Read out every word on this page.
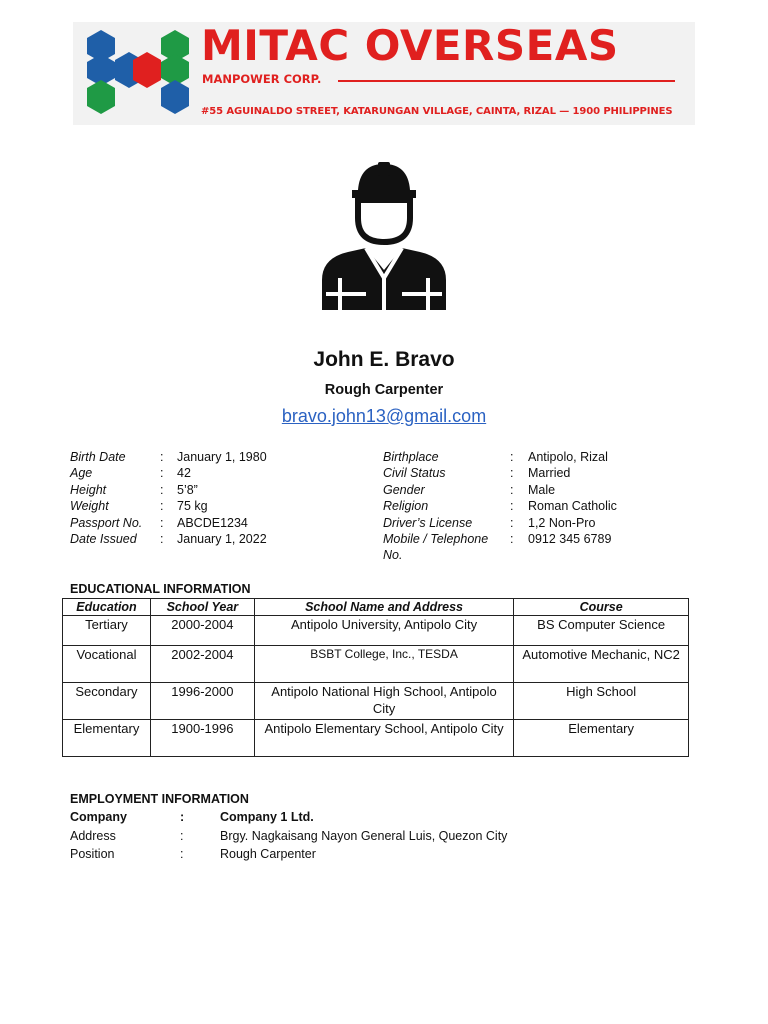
MITAC OVERSEAS
MANPOWER CORP.
#55 AGUINALDO STREET, KATARUNGAN VILLAGE, CAINTA, RIZAL — 1900 PHILIPPINES
John E. Bravo
Rough Carpenter
bravo.john13@gmail.com
Birth Date	: January 1, 1980
Age	: 42
Height	: 5’8”
Weight	: 75 kg
Passport No. : ABCDE1234
Date Issued : January 1, 2022
Birthplace	: Antipolo, Rizal
Civil Status	: Married
Gender	: Male
Religion	: Roman Catholic
Driver’s License	: 1,2 Non-Pro
Mobile / Telephone No.
: 0912 345 6789
EDUCATIONAL INFORMATION
Education	School Year	School Name and Address	Course
Tertiary	2000-2004	Antipolo University, Antipolo City	BS Computer Science
Vocational	2002-2004	BSBT College, Inc., TESDA	Automotive Mechanic, NC2
Secondary	1996-2000	Antipolo National High School, Antipolo City	High School
Elementary	1900-1996	Antipolo Elementary School, Antipolo City	Elementary
EMPLOYMENT INFORMATION
Company	:	Company 1 Ltd.
Address	:	Brgy. Nagkaisang Nayon General Luis, Quezon City
Position	:	Rough Carpenter
